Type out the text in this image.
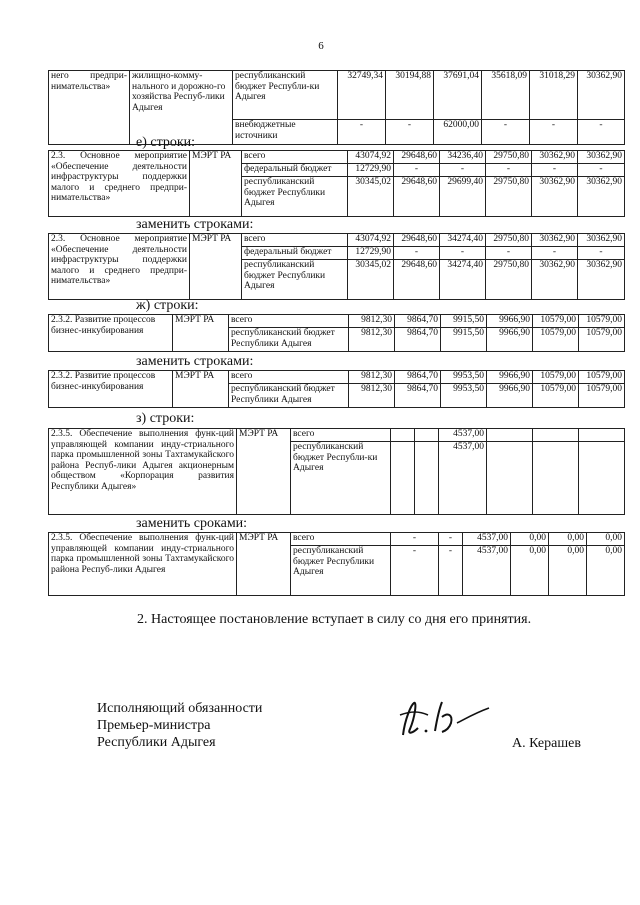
6
него предпри-нимательства»	жилищно-комму-нального и дорожно-го хозяйства Респуб-лики Адыгея	республиканский бюджет Республи-ки Адыгея	32749,34	30194,88	37691,04	35618,09	31018,29	30362,90
		внебюджетные источники	-	-	62000,00	-	-	-
е) строки:
2.3. Основное мероприятие «Обеспечение деятельности инфраструктуры поддержки малого и среднего предпри-нимательства»	МЭРТ РА	всего	43074,92	29648,60	34236,40	29750,80	30362,90	30362,90
		федеральный бюджет	12729,90	-	-	-	-	-
		республиканский бюджет Республики Адыгея	30345,02	29648,60	29699,40	29750,80	30362,90	30362,90
заменить строками:
2.3. Основное мероприятие «Обеспечение деятельности инфраструктуры поддержки малого и среднего предпри-нимательства»	МЭРТ РА	всего	43074,92	29648,60	34274,40	29750,80	30362,90	30362,90
		федеральный бюджет	12729,90	-	-	-	-	-
		республиканский бюджет Республики Адыгея	30345,02	29648,60	34274,40	29750,80	30362,90	30362,90
ж) строки:
2.3.2. Развитие процессов бизнес-инкубирования	МЭРТ РА	всего	9812,30	9864,70	9915,50	9966,90	10579,00	10579,00
		республиканский бюджет Республики Адыгея	9812,30	9864,70	9915,50	9966,90	10579,00	10579,00
заменить строками:
2.3.2. Развитие процессов бизнес-инкубирования	МЭРТ РА	всего	9812,30	9864,70	9953,50	9966,90	10579,00	10579,00
		республиканский бюджет Республики Адыгея	9812,30	9864,70	9953,50	9966,90	10579,00	10579,00
з) строки:
2.3.5. Обеспечение выполнения функ-ций управляющей компании инду-стриального парка промышленной зоны Тахтамукайского района Респуб-лики Адыгея акционерным обществом «Корпорация развития Республики Адыгея»	МЭРТ РА	всего			4537,00			
		республиканский бюджет Республи-ки Адыгея			4537,00			
заменить сроками:
2.3.5. Обеспечение выполнения функ-ций управляющей компании инду-стриального парка промышленной зоны Тахтамукайского района Респуб-лики Адыгея	МЭРТ РА	всего	-	-	4537,00	0,00	0,00	0,00
		республиканский бюджет Республики Адыгея	-	-	4537,00	0,00	0,00	0,00
2. Настоящее постановление вступает в силу со дня его принятия.
Исполняющий обязанности
Премьер-министра
Республики Адыгея	А. Керашев
